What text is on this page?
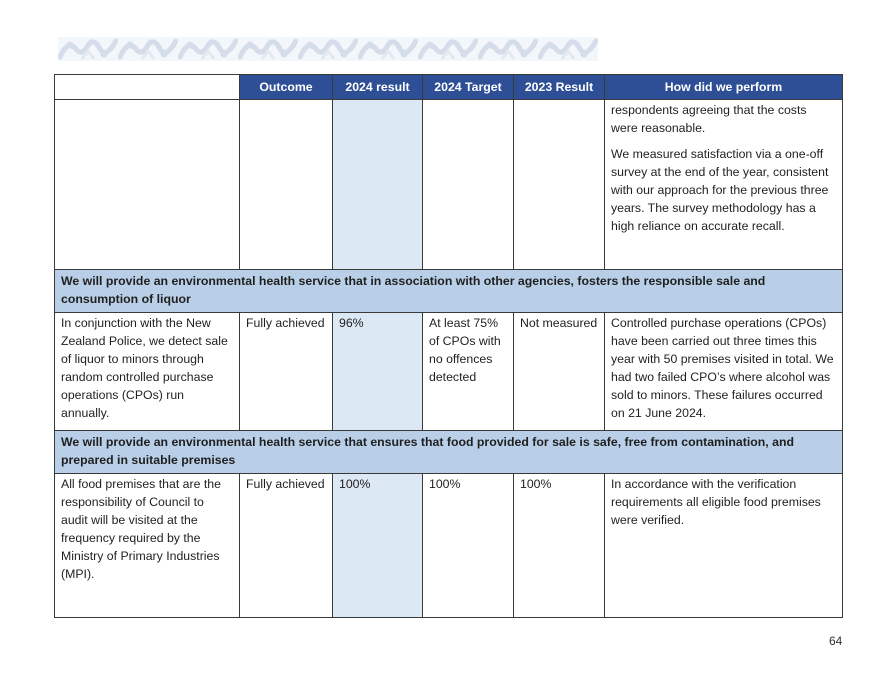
	Outcome	2024 result	2024 Target	2023 Result	How did we perform

					respondents agreeing that the costs were reasonable.

We measured satisfaction via a one-off survey at the end of the year, consistent with our approach for the previous three years. The survey methodology has a high reliance on accurate recall.

We will provide an environmental health service that in association with other agencies, fosters the responsible sale and consumption of liquor					
In conjunction with the New Zealand Police, we detect sale of liquor to minors through random controlled purchase operations (CPOs) run annually.	Fully achieved	96%	At least 75% of CPOs with no offences detected	Not measured	Controlled purchase operations (CPOs) have been carried out three times this year with 50 premises visited in total. We had two failed CPO’s where alcohol was sold to minors. These failures occurred on 21 June 2024.
We will provide an environmental health service that ensures that food provided for sale is safe, free from contamination, and prepared in suitable premises					
All food premises that are the responsibility of Council to audit will be visited at the frequency required by the Ministry of Primary Industries (MPI).	Fully achieved	100%	100%	100%	In accordance with the verification requirements all eligible food premises were verified.
64
